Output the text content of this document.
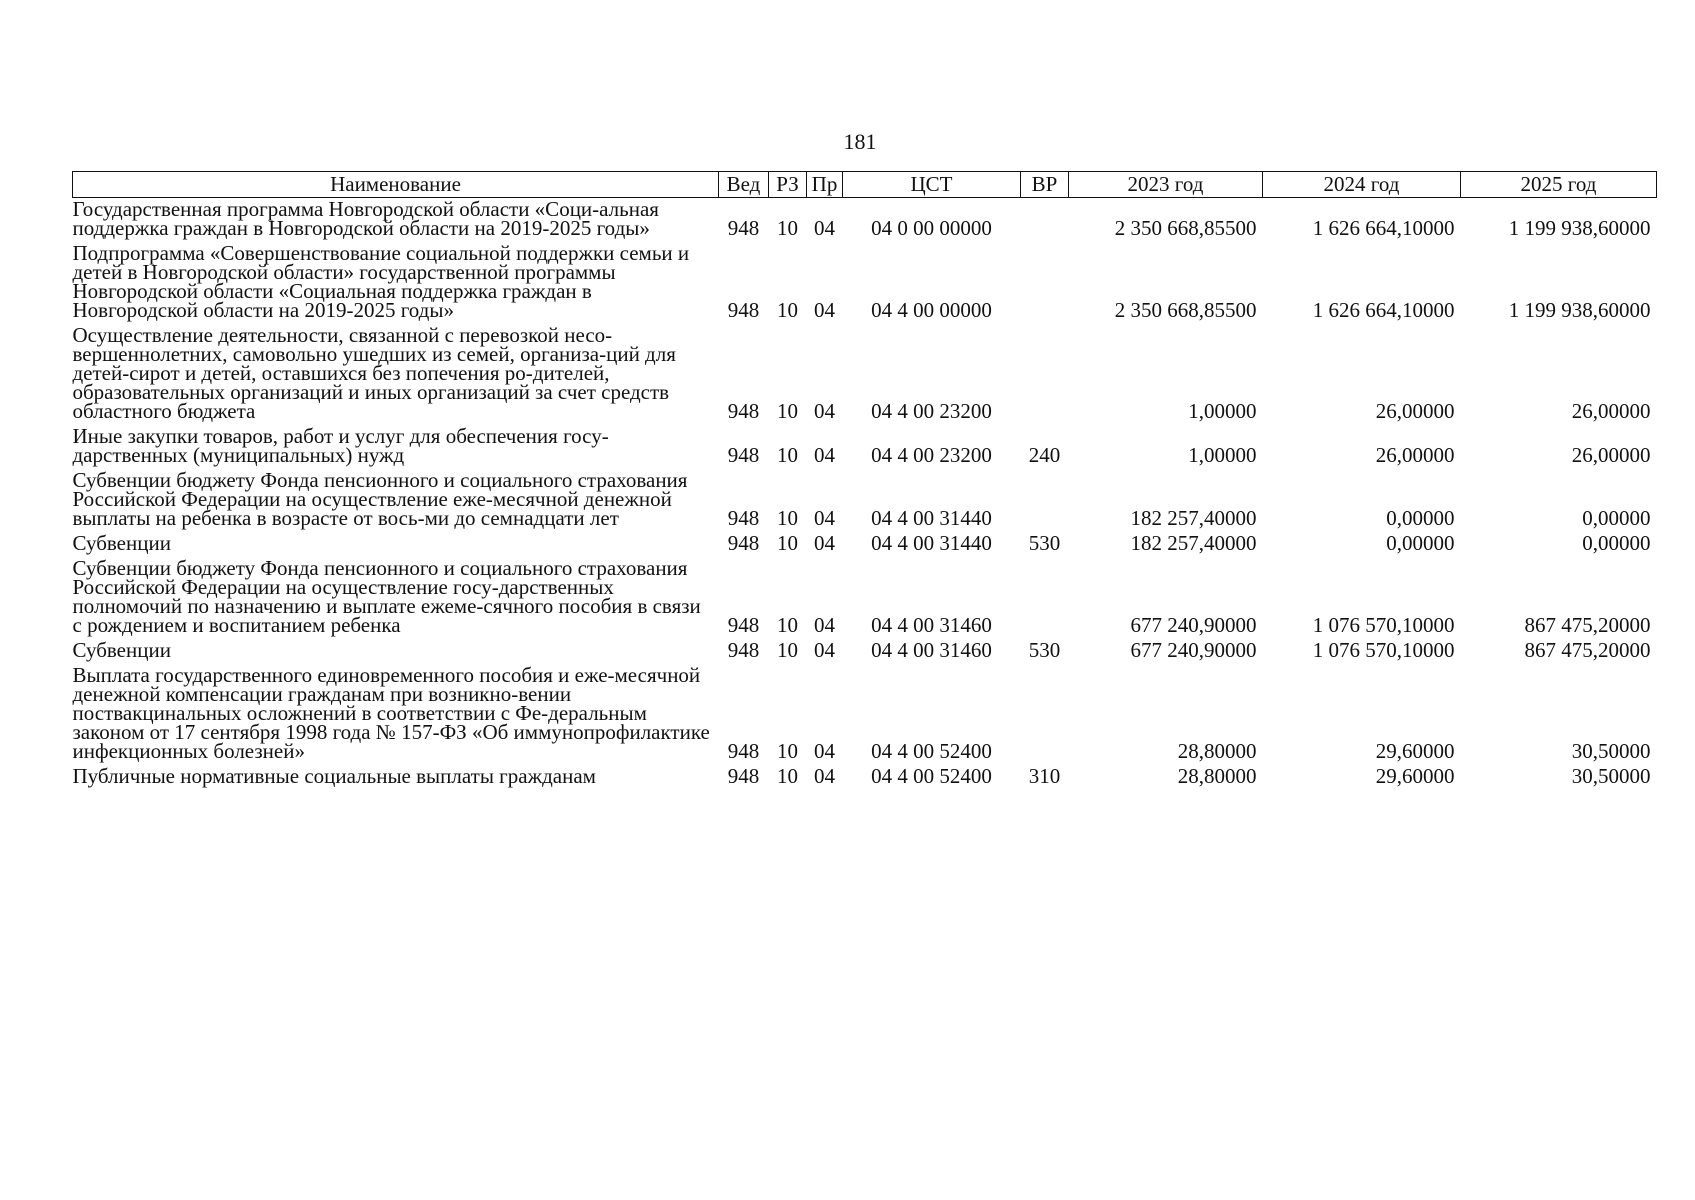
181
Наименование	Вед	РЗ	Пр	ЦСТ	ВР	2023 год	2024 год	2025 год
Государственная программа Новгородской области «Соци-альная поддержка граждан в Новгородской области на 2019-2025 годы»	948	10	04	04 0 00 00000		2 350 668,85500	1 626 664,10000	1 199 938,60000
Подпрограмма «Совершенствование социальной поддержки семьи и детей в Новгородской области» государственной программы Новгородской области «Социальная поддержка граждан в Новгородской области на 2019-2025 годы»	948	10	04	04 4 00 00000		2 350 668,85500	1 626 664,10000	1 199 938,60000
Осуществление деятельности, связанной с перевозкой несо-вершеннолетних, самовольно ушедших из семей, организа-ций для детей-сирот и детей, оставшихся без попечения ро-дителей, образовательных организаций и иных организаций за счет средств областного бюджета	948	10	04	04 4 00 23200		1,00000	26,00000	26,00000
Иные закупки товаров, работ и услуг для обеспечения госу-дарственных (муниципальных) нужд	948	10	04	04 4 00 23200	240	1,00000	26,00000	26,00000
Субвенции бюджету Фонда пенсионного и социального страхования Российской Федерации на осуществление еже-месячной денежной выплаты на ребенка в возрасте от вось-ми до семнадцати лет	948	10	04	04 4 00 31440		182 257,40000	0,00000	0,00000
Субвенции	948	10	04	04 4 00 31440	530	182 257,40000	0,00000	0,00000
Субвенции бюджету Фонда пенсионного и социального страхования Российской Федерации на осуществление госу-дарственных полномочий по назначению и выплате ежеме-сячного пособия в связи с рождением и воспитанием ребенка	948	10	04	04 4 00 31460		677 240,90000	1 076 570,10000	867 475,20000
Субвенции	948	10	04	04 4 00 31460	530	677 240,90000	1 076 570,10000	867 475,20000
Выплата государственного единовременного пособия и еже-месячной денежной компенсации гражданам при возникно-вении поствакцинальных осложнений в соответствии с Фе-деральным законом от 17 сентября 1998 года № 157-ФЗ «Об иммунопрофилактике инфекционных болезней»	948	10	04	04 4 00 52400		28,80000	29,60000	30,50000
Публичные нормативные социальные выплаты гражданам	948	10	04	04 4 00 52400	310	28,80000	29,60000	30,50000
